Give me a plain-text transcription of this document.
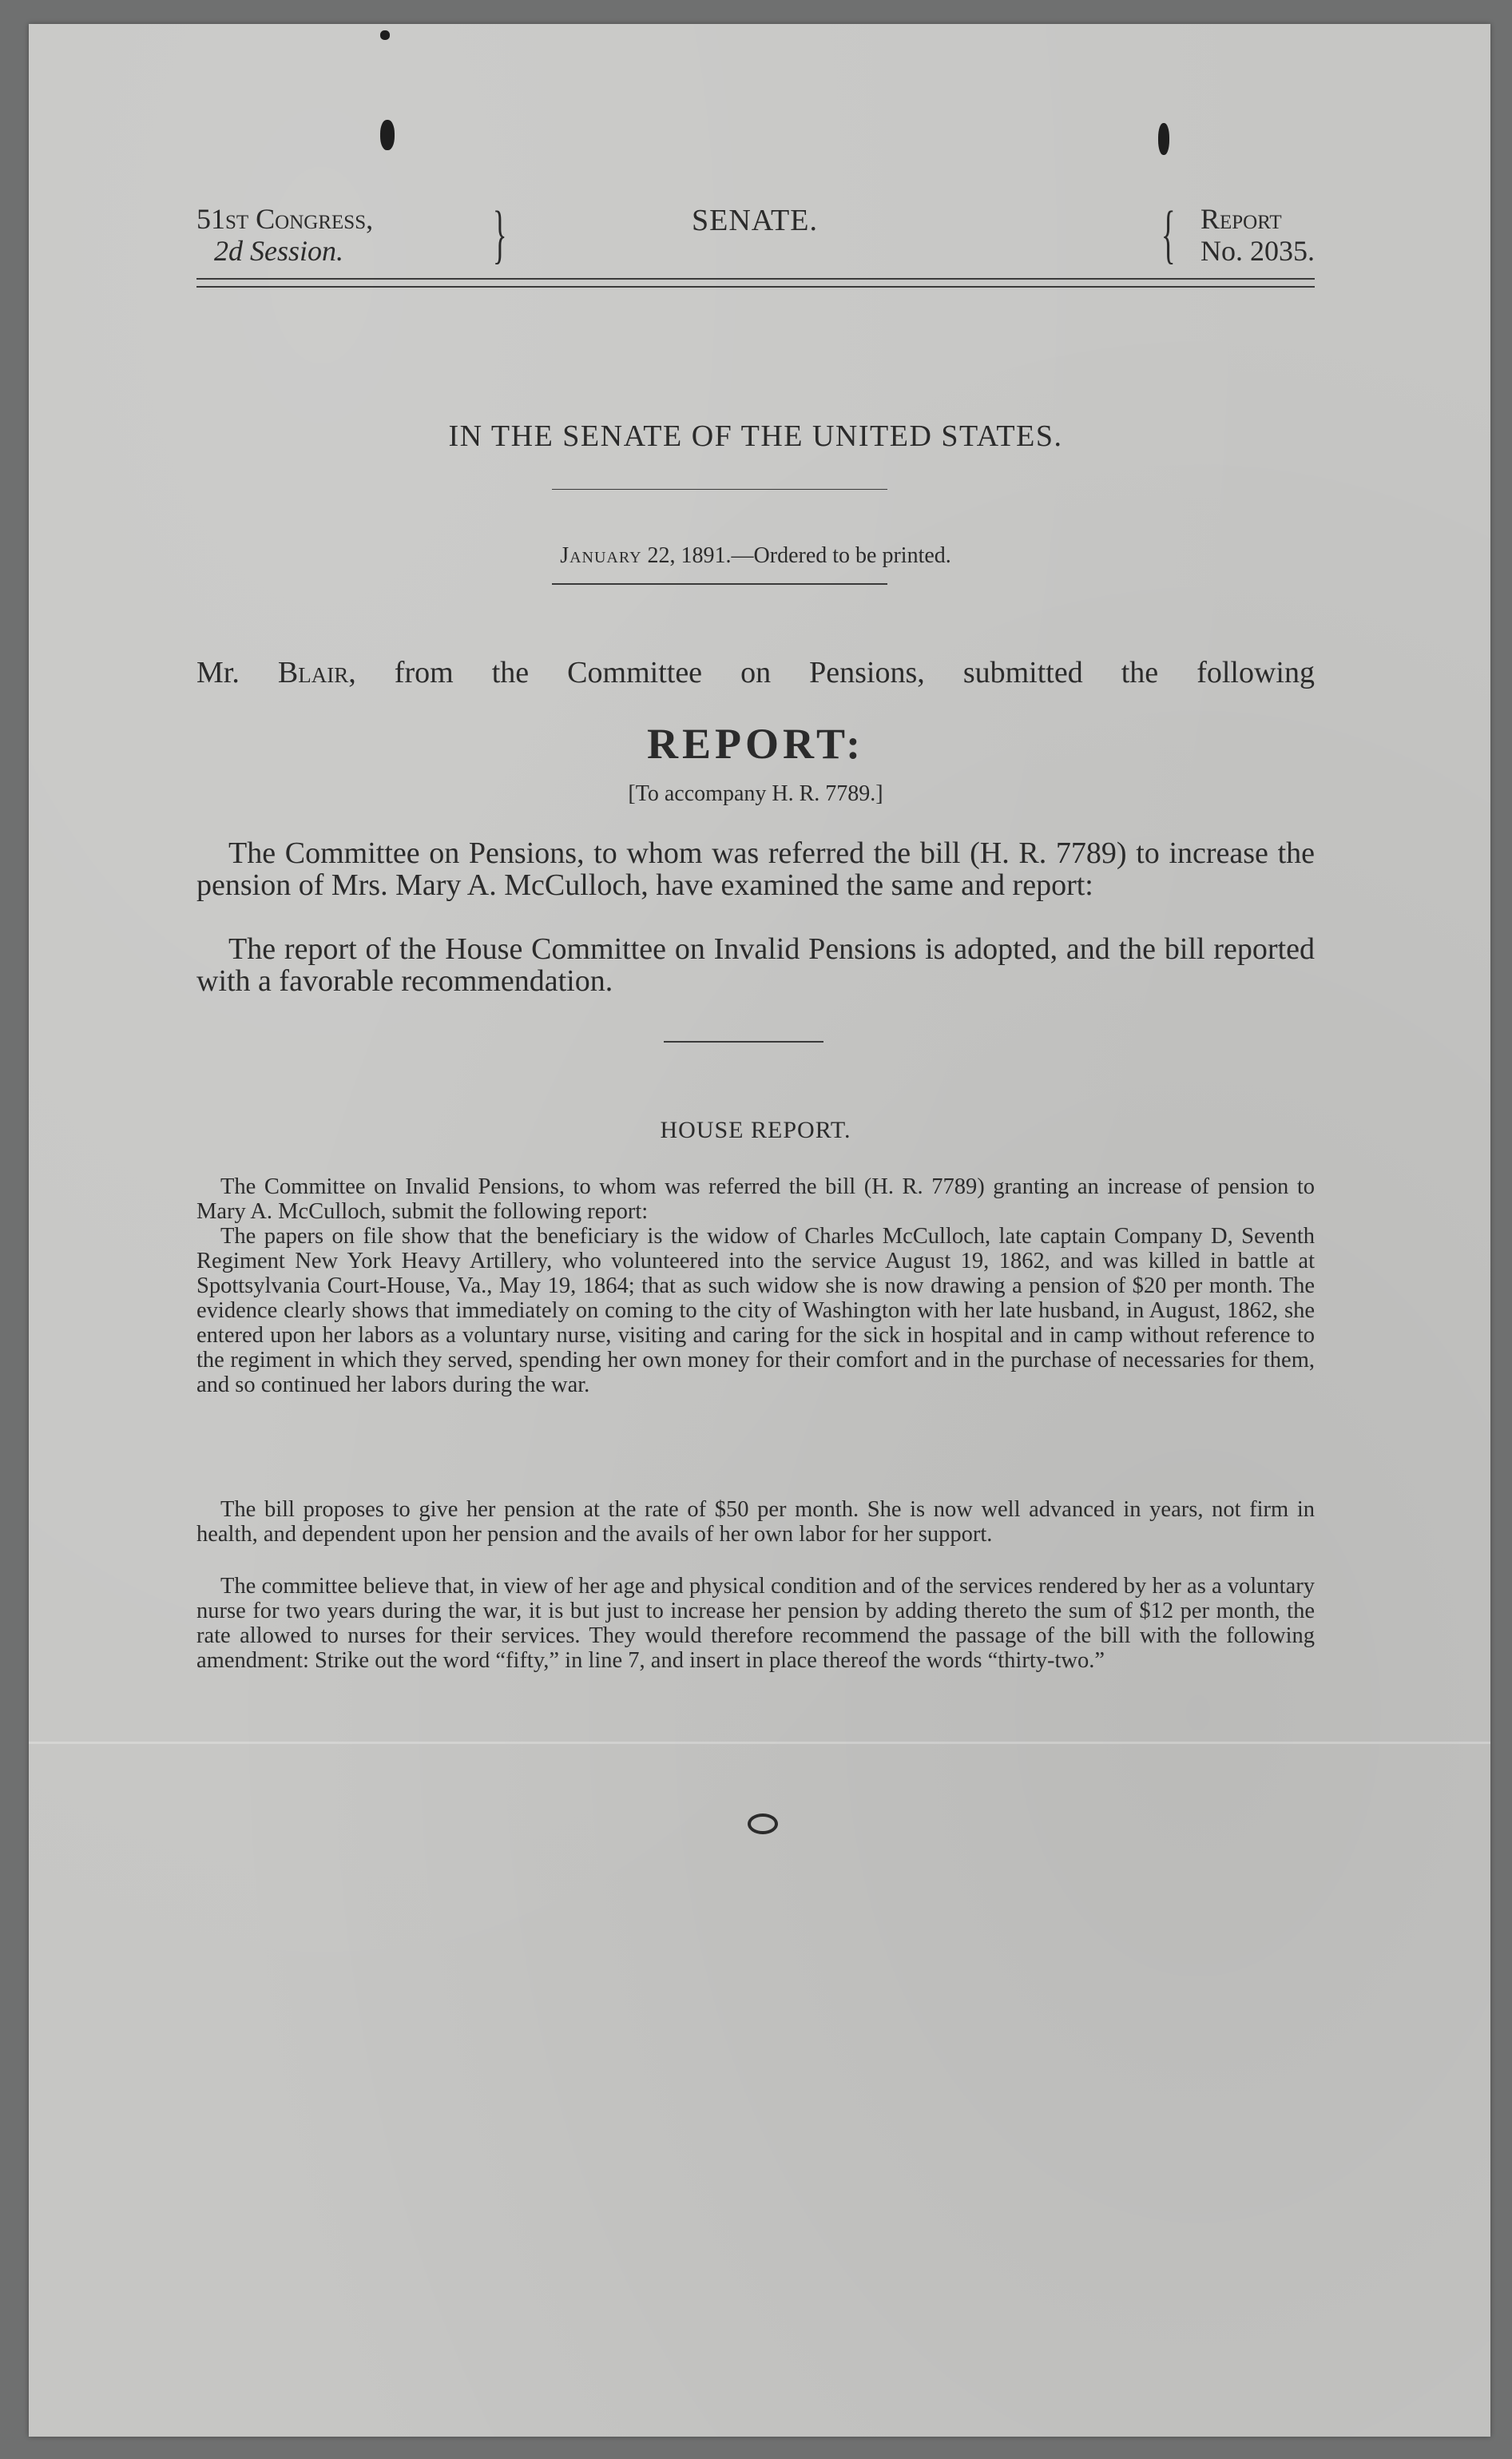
51st Congress,
2d Session.	}	SENATE.	{ Report
No. 2035.
IN THE SENATE OF THE UNITED STATES.
January 22, 1891.—Ordered to be printed.
Mr. Blair, from the Committee on Pensions, submitted the following
REPORT:
[To accompany H. R. 7789.]

The Committee on Pensions, to whom was referred the bill (H. R. 7789) to increase the pension of Mrs. Mary A. McCulloch, have examined the same and report:

The report of the House Committee on Invalid Pensions is adopted, and the bill reported with a favorable recommendation.

HOUSE REPORT.

The Committee on Invalid Pensions, to whom was referred the bill (H. R. 7789) granting an increase of pension to Mary A. McCulloch, submit the following report:

The papers on file show that the beneficiary is the widow of Charles McCulloch, late captain Company D, Seventh Regiment New York Heavy Artillery, who volunteered into the service August 19, 1862, and was killed in battle at Spottsylvania Court-House, Va., May 19, 1864; that as such widow she is now drawing a pension of $20 per month. The evidence clearly shows that immediately on coming to the city of Washington with her late husband, in August, 1862, she entered upon her labors as a voluntary nurse, visiting and caring for the sick in hospital and in camp without reference to the regiment in which they served, spending her own money for their comfort and in the purchase of necessaries for them, and so continued her labors during the war.

The bill proposes to give her pension at the rate of $50 per month. She is now well advanced in years, not firm in health, and dependent upon her pension and the avails of her own labor for her support.

The committee believe that, in view of her age and physical condition and of the services rendered by her as a voluntary nurse for two years during the war, it is but just to increase her pension by adding thereto the sum of $12 per month, the rate allowed to nurses for their services. They would therefore recommend the passage of the bill with the following amendment: Strike out the word “fifty,” in line 7, and insert in place thereof the words “thirty-two.”
